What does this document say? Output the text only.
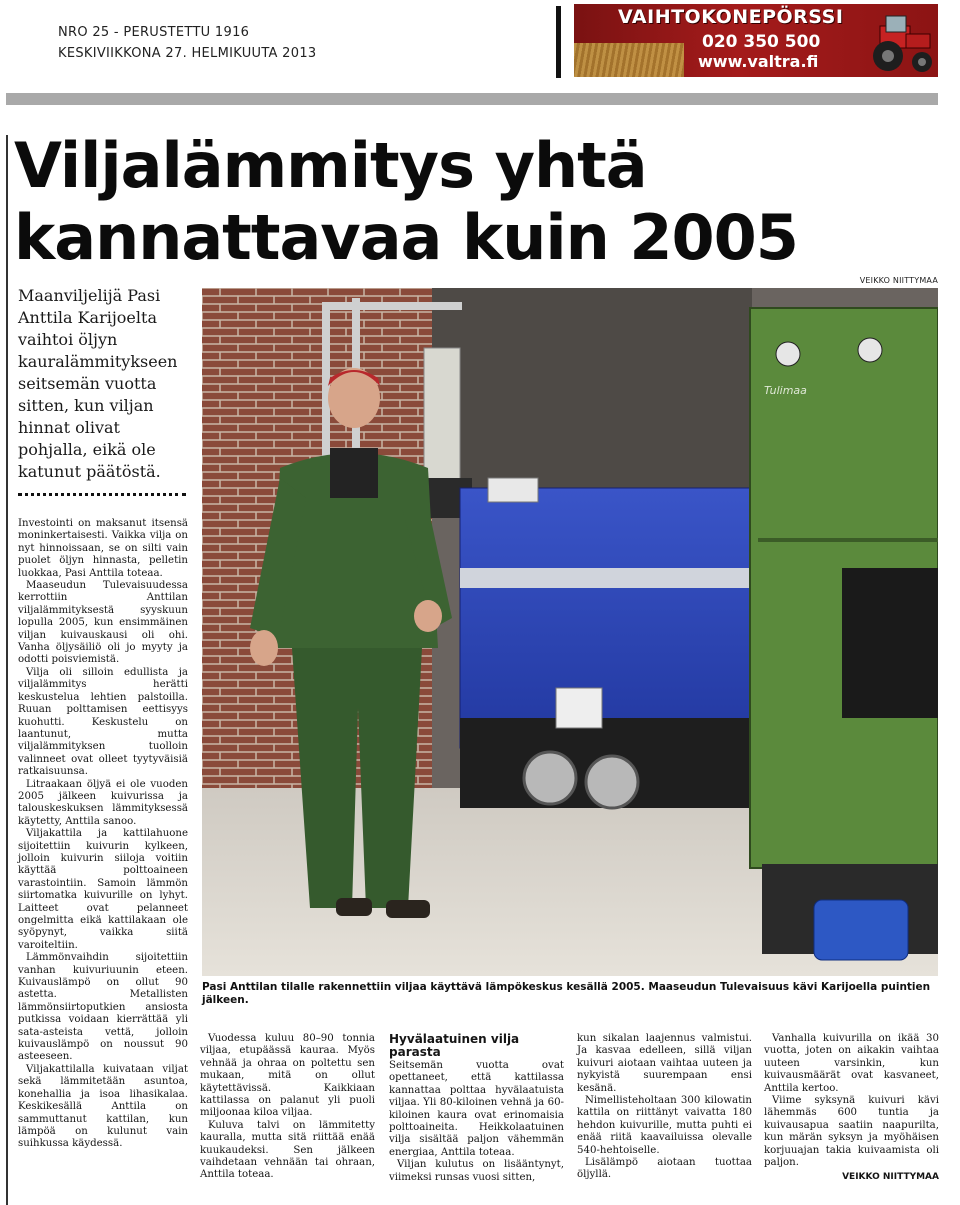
NRO 25 - PERUSTETTU 1916
KESKIVIIKKONA 27. HELMIKUUTA 2013
VAIHTOKONEPÖRSSI
020 350 500
www.valtra.fi
Viljalämmitys yhtä
kannattavaa kuin 2005
VEIKKO NIITTYMAA
Maanviljelijä Pasi Anttila Karijoelta vaihtoi öljyn kauralämmitykseen seitsemän vuotta sitten, kun viljan hinnat olivat pohjalla, eikä ole katunut päätöstä.

Investointi on maksanut itsensä moninkertaisesti. Vaikka vilja on nyt hinnoissaan, se on silti vain puolet öljyn hinnasta, pelletin luokkaa, Pasi Anttila toteaa.

Maaseudun Tulevaisuudessa kerrottiin Anttilan viljalämmityksestä syyskuun lopulla 2005, kun ensimmäinen viljan kuivauskausi oli ohi. Vanha öljysäiliö oli jo myyty ja odotti poisviemistä.

Vilja oli silloin edullista ja viljalämmitys herätti keskustelua lehtien palstoilla. Ruuan polttamisen eettisyys kuohutti. Keskustelu on laantunut, mutta viljalämmityksen tuolloin valinneet ovat olleet tyytyväisiä ratkaisuunsa.

Litraakaan öljyä ei ole vuoden 2005 jälkeen kuivurissa ja talouskeskuksen lämmityksessä käytetty, Anttila sanoo.

Viljakattila ja kattilahuone sijoitettiin kuivurin kylkeen, jolloin kuivurin siiloja voitiin käyttää polttoaineen varastointiin. Samoin lämmön siirtomatka kuivurille on lyhyt. Laitteet ovat pelanneet ongelmitta eikä kattilakaan ole syöpynyt, vaikka siitä varoiteltiin.

Lämmönvaihdin sijoitettiin vanhan kuivuriuunin eteen. Kuivauslämpö on ollut 90 astetta. Metallisten lämmönsiirtoputkien ansiosta putkissa voidaan kierrättää yli sata-asteista vettä, jolloin kuivauslämpö on noussut 90 asteeseen.

Viljakattilalla kuivataan viljat sekä lämmitetään asuntoa, konehallia ja isoa lihasikalaa. Keskikesällä Anttila on sammuttanut kattilan, kun lämpöä on kulunut vain suihkussa käydessä.

Tulimaa
Pasi Anttilan tilalle rakennettiin viljaa käyttävä lämpökeskus kesällä 2005. Maaseudun Tulevaisuus kävi Karijoella puintien jälkeen.

Vuodessa kuluu 80–90 tonnia viljaa, etupäässä kauraa. Myös vehnää ja ohraa on poltettu sen mukaan, mitä on ollut käytettävissä. Kaikkiaan kattilassa on palanut yli puoli miljoonaa kiloa viljaa.

Kuluva talvi on lämmitetty kauralla, mutta sitä riittää enää kuukaudeksi. Sen jälkeen vaihdetaan vehnään tai ohraan, Anttila toteaa.

Hyvälaatuinen vilja parasta

Seitsemän vuotta ovat opettaneet, että kattilassa kannattaa polttaa hyvälaatuista viljaa. Yli 80-kiloinen vehnä ja 60-kiloinen kaura ovat erinomaisia polttoaineita. Heikkolaatuinen vilja sisältää paljon vähemmän energiaa, Anttila toteaa.

Viljan kulutus on lisääntynyt, viimeksi runsas vuosi sitten,

kun sikalan laajennus valmistui. Ja kasvaa edelleen, sillä viljan kuivuri aiotaan vaihtaa uuteen ja nykyistä suurempaan ensi kesänä.

Nimellisteholtaan 300 kilowatin kattila on riittänyt vaivatta 180 hehdon kuivurille, mutta puhti ei enää riitä kaavailuissa olevalle 540-hehtoiselle.

Lisälämpö aiotaan tuottaa öljyllä.

Vanhalla kuivurilla on ikää 30 vuotta, joten on aikakin vaihtaa uuteen varsinkin, kun kuivausmäärät ovat kasvaneet, Anttila kertoo.

Viime syksynä kuivuri kävi lähemmäs 600 tuntia ja kuivausapua saatiin naapurilta, kun märän syksyn ja myöhäisen korjuuajan takia kuivaamista oli paljon.

VEIKKO NIITTYMAA
